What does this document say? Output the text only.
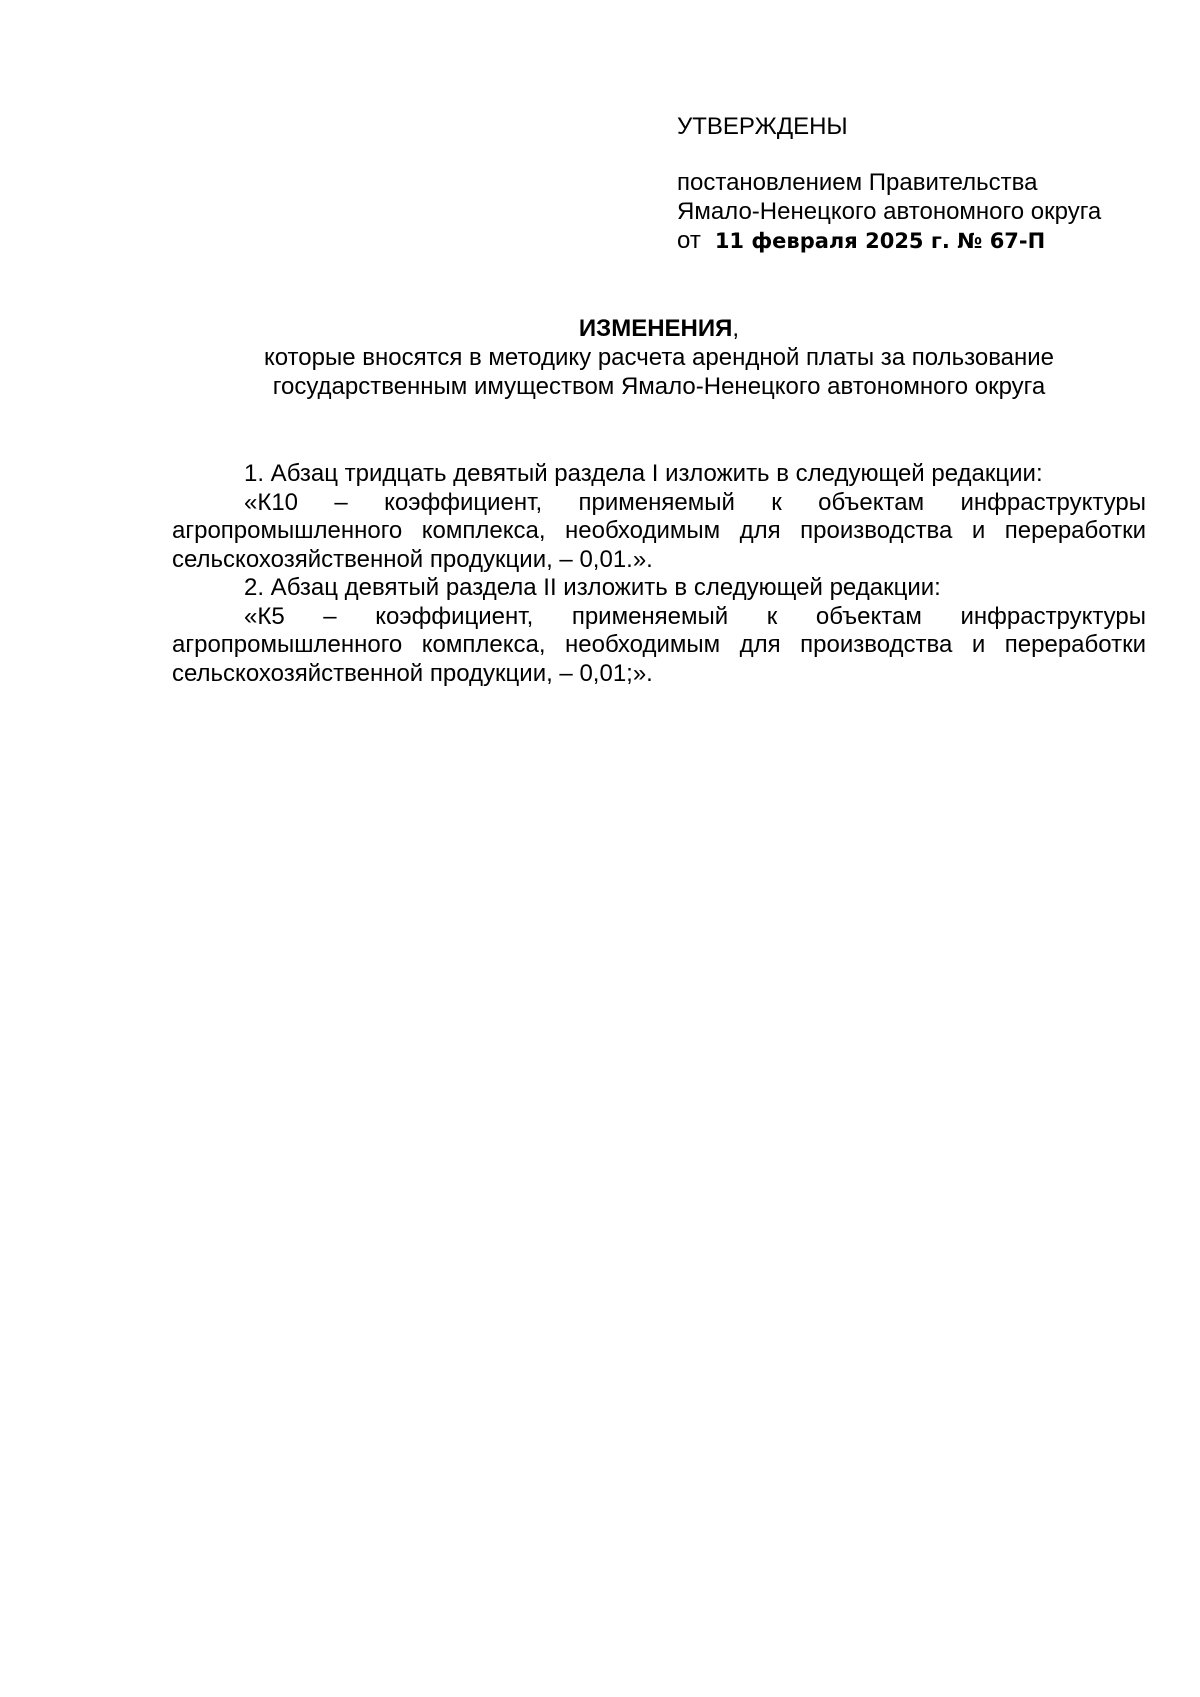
УТВЕРЖДЕНЫ
постановлением Правительства
Ямало-Ненецкого автономного округа
от 11 февраля 2025 г. № 67-П
ИЗМЕНЕНИЯ,
которые вносятся в методику расчета арендной платы за пользование
государственным имуществом Ямало-Ненецкого автономного округа

1. Абзац тридцать девятый раздела I изложить в следующей редакции:

«К10 – коэффициент, применяемый к объектам инфраструктуры агропромышленного комплекса, необходимым для производства и переработки сельскохозяйственной продукции, – 0,01.».

2. Абзац девятый раздела II изложить в следующей редакции:

«К5 – коэффициент, применяемый к объектам инфраструктуры агропромышленного комплекса, необходимым для производства и переработки сельскохозяйственной продукции, – 0,01;».
